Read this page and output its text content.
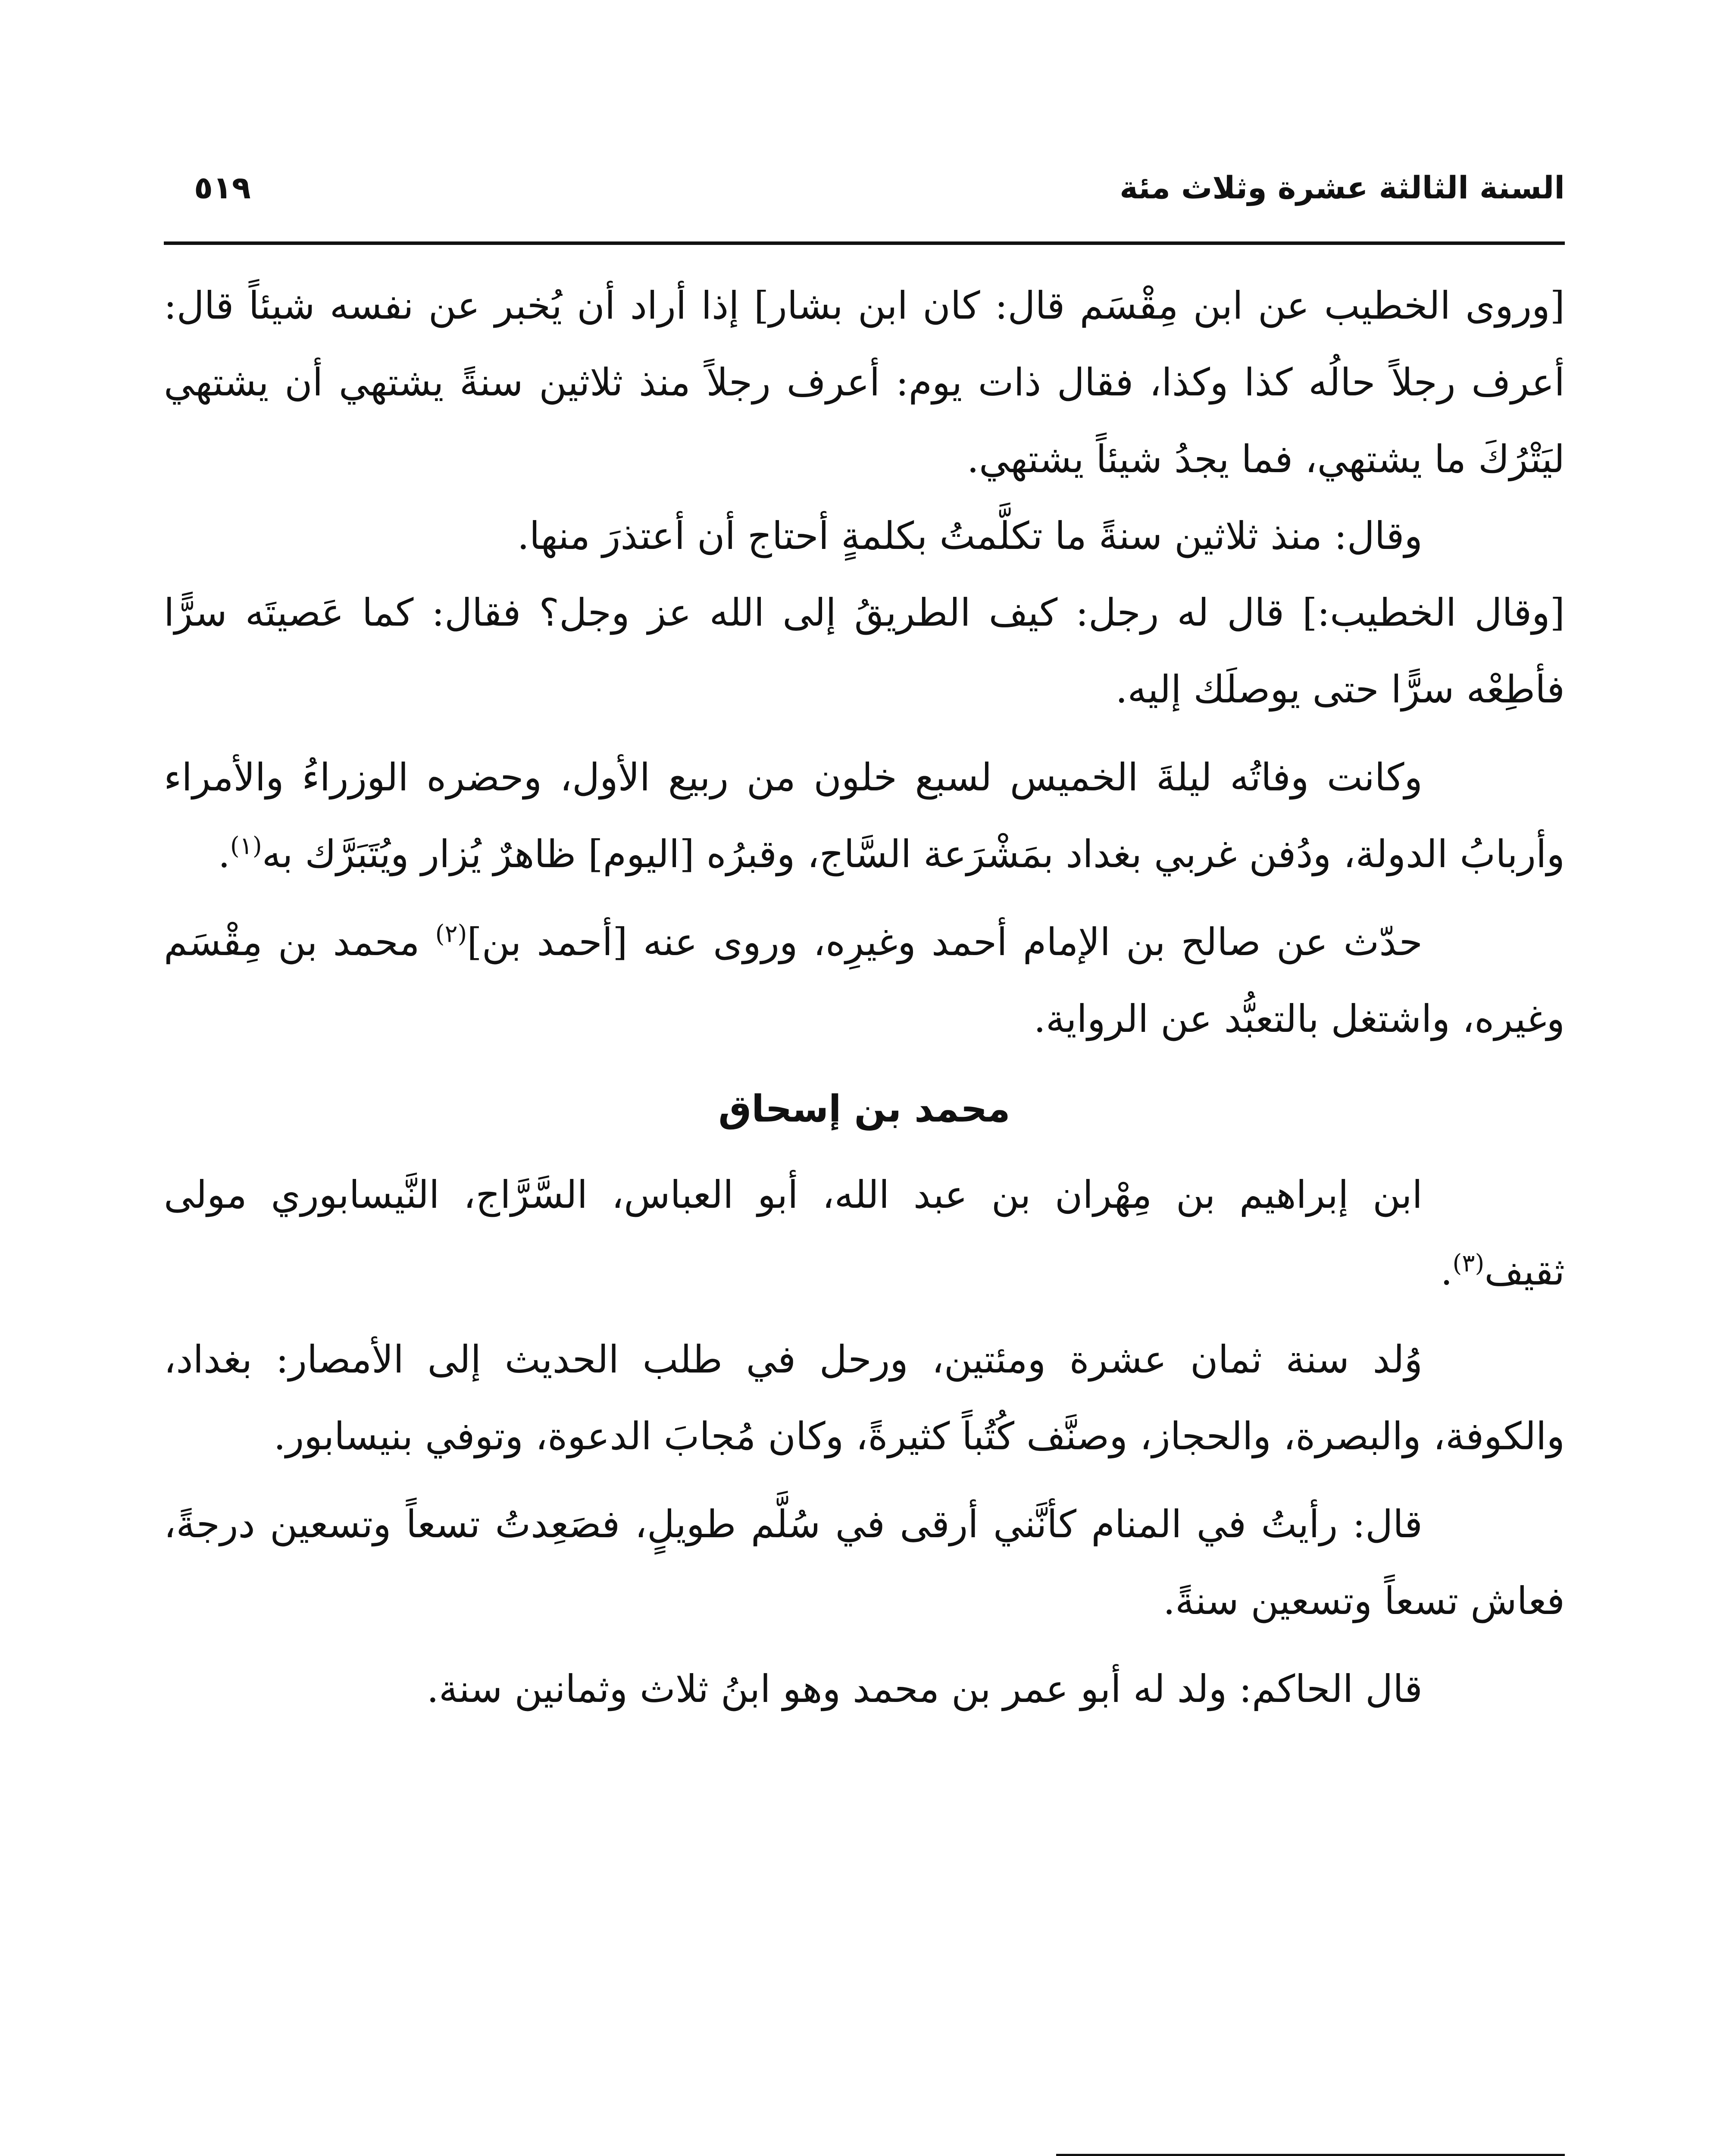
السنة الثالثة عشرة وثلاث مئة
٥١٩

[وروى الخطيب عن ابن مِقْسَم قال: كان ابن بشار] إذا أراد أن يُخبر عن نفسه شيئاً قال: أعرف رجلاً حالُه كذا وكذا، فقال ذات يوم: أعرف رجلاً منذ ثلاثين سنةً يشتهي أن يشتهي ليَتْرُكَ ما يشتهي، فما يجدُ شيئاً يشتهي.

وقال: منذ ثلاثين سنةً ما تكلَّمتُ بكلمةٍ أحتاج أن أعتذرَ منها.

[وقال الخطيب:] قال له رجل: كيف الطريقُ إلى الله عز وجل؟ فقال: كما عَصيتَه سرًّا فأطِعْه سرًّا حتى يوصلَك إليه.

وكانت وفاتُه ليلةَ الخميس لسبع خلون من ربيع الأول، وحضره الوزراءُ والأمراء وأربابُ الدولة، ودُفن غربي بغداد بمَشْرَعة السَّاج، وقبرُه [اليوم] ظاهرٌ يُزار ويُتَبَرَّك به$^{(١)}$.

حدّث عن صالح بن الإمام أحمد وغيرِه، وروى عنه [أحمد بن]$^{(٢)}$ محمد بن مِقْسَم وغيره، واشتغل بالتعبُّد عن الرواية.

محمد بن إسحاق

ابن إبراهيم بن مِهْران بن عبد الله، أبو العباس، السَّرَّاج، النَّيسابوري مولى ثقيف$^{(٣)}$.

وُلد سنة ثمان عشرة ومئتين، ورحل في طلب الحديث إلى الأمصار: بغداد، والكوفة، والبصرة، والحجاز، وصنَّف كُتُباً كثيرةً، وكان مُجابَ الدعوة، وتوفي بنيسابور.

قال: رأيتُ في المنام كأنَّني أرقى في سُلَّم طويلٍ، فصَعِدتُ تسعاً وتسعين درجةً، فعاش تسعاً وتسعين سنةً.

قال الحاكم: ولد له أبو عمر بن محمد وهو ابنُ ثلاث وثمانين سنة.
